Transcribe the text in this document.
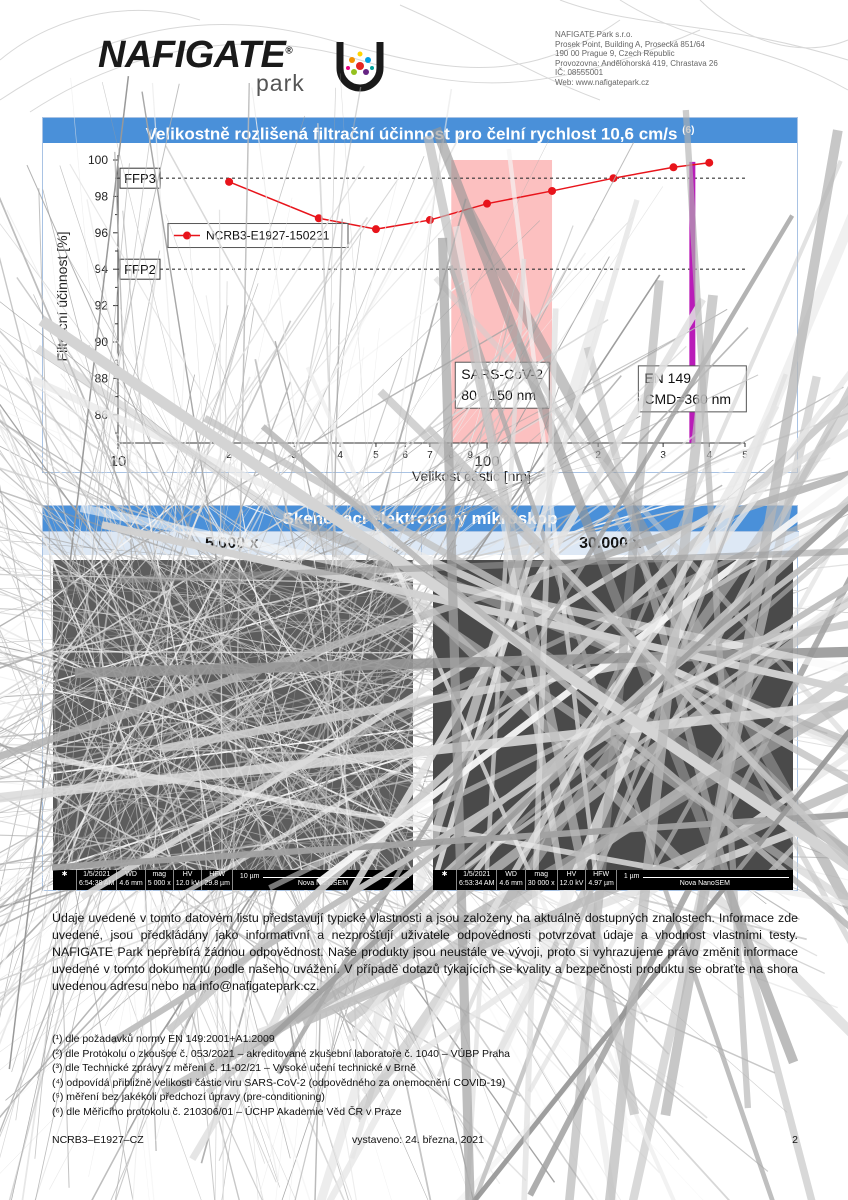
NAFIGATE®
park
NAFIGATE Park s.r.o.
Prosek Point, Building A, Prosecká 851/64
190 00 Prague 9, Czech Republic
Provozovna: Andělohorská 419, Chrastava 26
IČ: 08555001
Web: www.nafigatepark.cz
Velikostně rozlišená filtrační účinnost pro čelní rychlost 10,6 cm/s
86
88
90
96
98
100
100
2	4	5 6 7	9	3
Velikost částic [nm]
Filtrační účinnost [%]
FFP3
FFP2
SARS-CoV-2
80 - 150 nm
EN 149
CMD=360 nm
30.000 x
✱	1/5/2021
6:54:38 AM
WD
4.6 mm
mag
5 000 x
HV
12.0 kV 29.8 µm
10 µm	✱	1/5/2021
6:53:34 AM
WD
4.6 mm
mag
30 000 x
HV
12.0 kV
HFW
4.97 µm
1 µm
Nova NanoSEM
Údaje uvedené v tomto datovém listu představují typické vlastnosti a jsou založeny na aktuálně dostupných znalostech. Informace zde uvedené, jsou předkládány jako informativní a nezprošťují uživatele odpovědnosti potvrzovat údaje a vhodnost vlastními testy. NAFIGATE Park nepřebírá žádnou odpovědnost. Naše produkty jsou neustále ve vývoji, proto si vyhrazujeme právo změnit informace uvedené v tomto dokumentu podle našeho uvážení. V případě dotazů týkajících se kvality a bezpečnosti produktu se obraťte na shora uvedenou adresu nebo na info@nafigatepark.cz.
(¹) dle požadavků normy EN 149:2001+A1:2009
(²) dle Protokolu o zkoušce č. 053/2021 – akreditované zkušební laboratoře č. 1040 – VÚBP Praha
(³) dle Technické zprávy z měření č. 11-02/21 – Vysoké učení technické v Brně
(⁴) odpovídá přibližně velikosti částic viru SARS-CoV-2 (odpovědného za onemocnění COVID-19)
(⁵) měření bez jakékoli předchozí úpravy (pre-conditioning)
(⁶) dle Měřicího protokolu č. 210306/01 – ÚCHP Akademie Věd ČR v Praze
NCRB3–E1927–CZ	vystaveno: 24. března, 2021	2
